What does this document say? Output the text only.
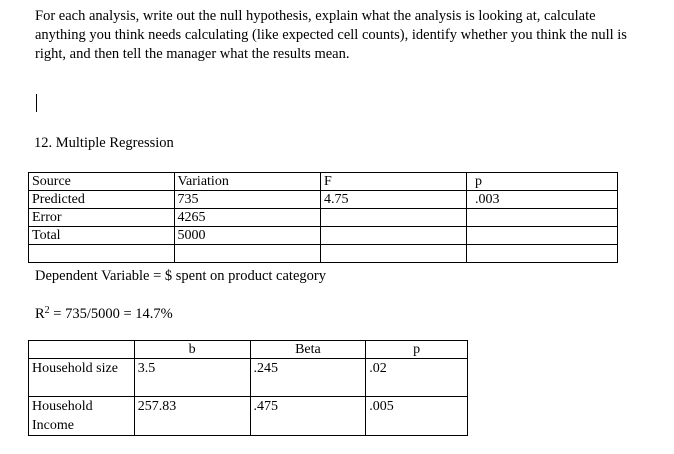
For each analysis, write out the null hypothesis, explain what the analysis is looking at, calculate anything you think needs calculating (like expected cell counts), identify whether you think the null is right, and then tell the manager what the results mean.

12. Multiple Regression

Source	Variation	F	p
Predicted	735	4.75	.003
Error	4265		
Total	5000		

Dependent Variable = $ spent on product category

$R^2 = 735/5000 = 14.7\%$

	b	Beta	p
Household size	3.5	.245	.02
Household Income	257.83	.475	.005
